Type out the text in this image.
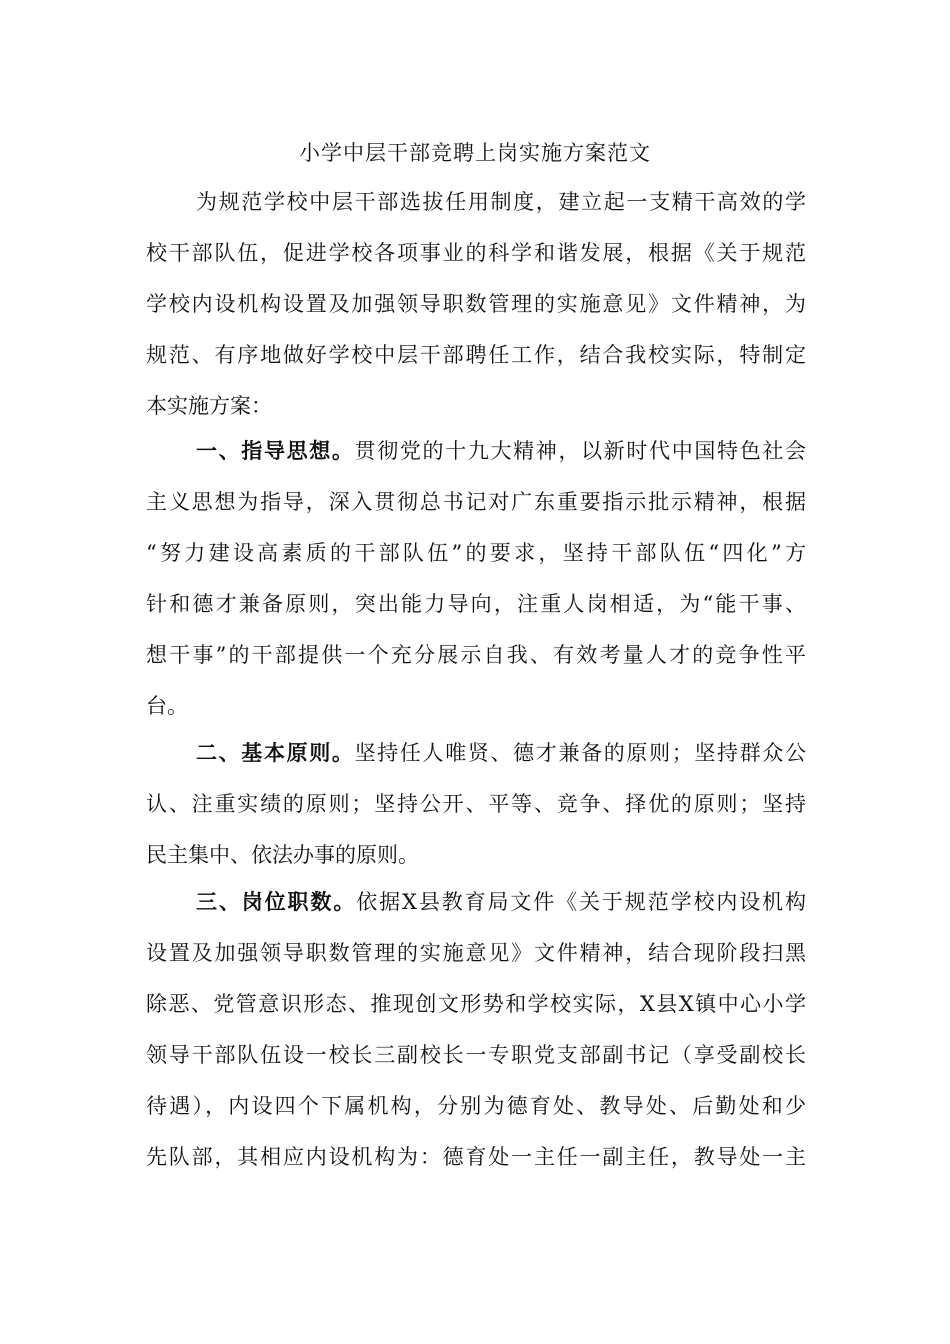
小学中层干部竞聘上岗实施方案范文
为规范学校中层干部选拔任用制度，建立起一支精干高效的学
校干部队伍，促进学校各项事业的科学和谐发展，根据《关于规范
学校内设机构设置及加强领导职数管理的实施意见》文件精神，为
规范、有序地做好学校中层干部聘任工作，结合我校实际，特制定
本实施方案：
一、指导思想。贯彻党的十九大精神，以新时代中国特色社会
主义思想为指导，深入贯彻总书记对广东重要指示批示精神，根据
“努力建设高素质的干部队伍”的要求，坚持干部队伍“四化”方
针和德才兼备原则，突出能力导向，注重人岗相适，为“能干事、
想干事”的干部提供一个充分展示自我、有效考量人才的竞争性平
台。
二、基本原则。坚持任人唯贤、德才兼备的原则；坚持群众公
认、注重实绩的原则；坚持公开、平等、竞争、择优的原则；坚持
民主集中、依法办事的原则。
三、岗位职数。依据X县教育局文件《关于规范学校内设机构
设置及加强领导职数管理的实施意见》文件精神，结合现阶段扫黑
除恶、党管意识形态、推现创文形势和学校实际，X县X镇中心小学
领导干部队伍设一校长三副校长一专职党支部副书记（享受副校长
待遇），内设四个下属机构，分别为德育处、教导处、后勤处和少
先队部，其相应内设机构为：德育处一主任一副主任，教导处一主
